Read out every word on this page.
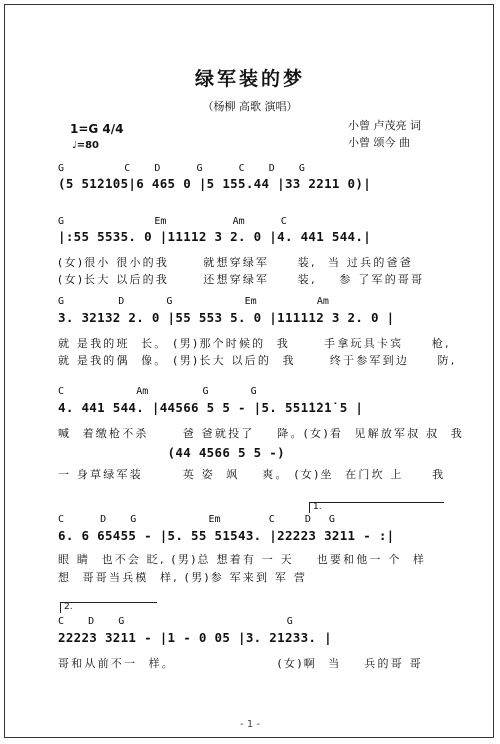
绿军装的梦
（杨柳 高歌 演唱）
小曾 卢茂亮 词
小曾 颂今 曲
1=G 4/4
♩=80
G          C    D      G      C    D    G
(5 51̇2̇1̇05|6 465 0 |5 155.44 |33 2211 0)|
G               Em           Am      C
|:55 5535. 0 |11112 3 2. 0 |4. 441 544.|
(女)很小 很小的我      就想穿绿军     装,  当 过兵的爸爸
(女)长大 以后的我      还想穿绿军     装,    参 了军的哥哥
G         D       G            Em          Am
3. 32132 2. 0 |55 553 5. 0 |111112 3 2. 0 |
就 是我的班  长。 (男)那个时候的  我      手拿玩具卡宾     枪,
就 是我的偶  像。 (男)长大 以后的  我      终于参军到边     防,
C            Am         G       G
4. 441 544. |44566 5 5 - |5. 551̇1̇2̇1̇ 5 |
喊  着缴枪不杀      爸 爸就投了    降。(女)看  见解放军叔 叔  我
(44 4566 5 5 -)
一 身草绿军装       英 姿  飒    爽。 (女)坐  在门坎 上     我
1.
C      D    G            Em        C     D   G
6. 6 65455 - |5. 55 51543. |22223 3211 - :|
眼 睛  也不会 眨, (男)总 想着有 一 天    也要和他一 个  样
想  哥哥当兵模  样, (男)参 军来到 军 营
2.
C    D    G                           G
22223 3211 - |1 - 0 05 |3. 21233. |
哥和从前不一  样。                  (女)啊  当    兵的哥 哥
- 1 -
